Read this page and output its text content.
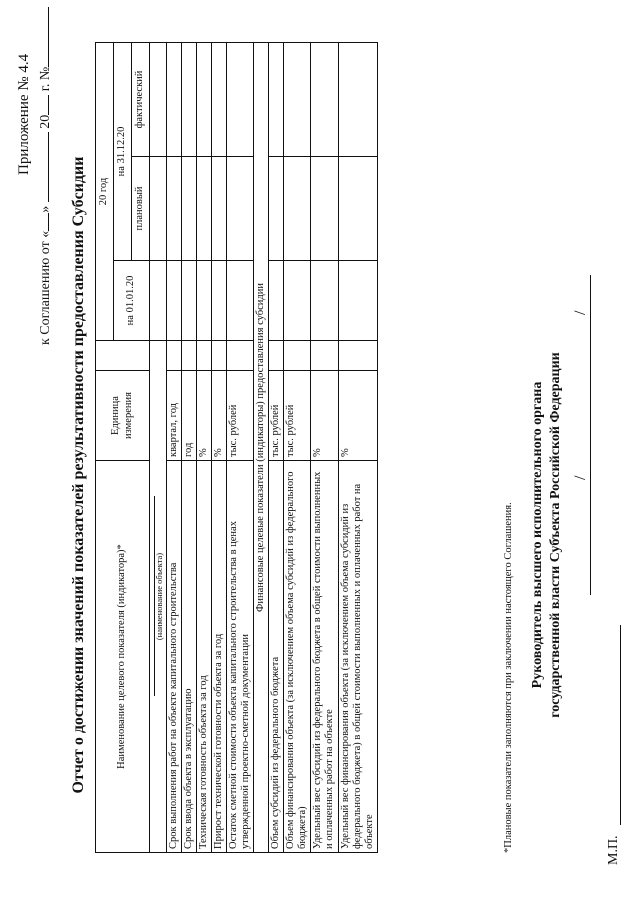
Приложение № 4.4
к Соглашению от «»  20 г. №
Отчет о достижении значений показателей результативности предоставления Субсидии	Наименование целевого показателя (индикатора)*	Единица измерения		20 год		
			на 01.01.20	на 31.12.20	
				плановый	фактический

(наименование объекта)					
Срок выполнения работ на объекте капитального строительства	квартал, год				
Срок ввода объекта в эксплуатацию	год				
Техническая готовность объекта за год	%				
Прирост технической готовности объекта за год	%				
Остаток сметной стоимости объекта капитального строительства в ценах утвержденной проектно-сметной документации	тыс. рублей				
Финансовые целевые показатели (индикаторы) предоставления субсидии					
Объем субсидий из федерального бюджета	тыс. рублей				
Объем финансирования объекта (за исключением объема субсидий из федерального бюджета)	тыс. рублей				
Удельный вес субсидий из федерального бюджета в общей стоимости выполненных и оплаченных работ на объекте	%				
Удельный вес финансирования объекта (за исключением объема субсидий из федерального бюджета) в общей стоимости выполненных и оплаченных работ на объекте	%				
*Плановые показатели заполняются при заключении настоящего Соглашения. Руководитель высшего исполнительного органа государственной власти Субъекта Российской Федерации /
/
М.П.
